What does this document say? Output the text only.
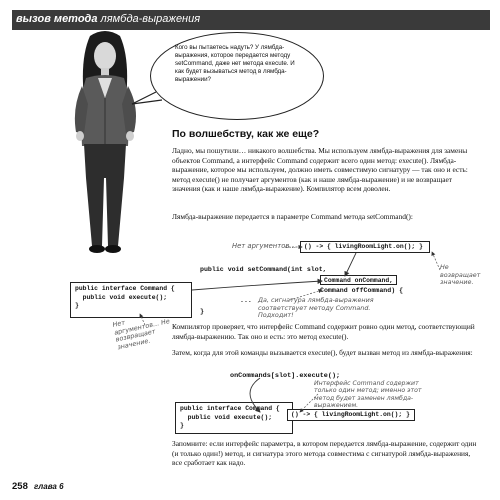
вызов метода лямбда-выражения
Кого вы пытаетесь надуть? У лямбда-выражения, которое передается методу setCommand, даже нет метода execute. И как будет вызываться метод в лямбда-выражении?
По волшебству, как же еще?

Ладно, мы пошутили… никакого волшебства. Мы используем лямбда-выражения для замены объектов Command, а интерфейс Command содержит всего один метод: execute(). Лямбда-выражение, которое мы используем, должно иметь совместимую сигнатуру — так оно и есть: метод execute() не получает аргументов (как и наше лямбда-выражение) и не возвращает значения (как и наше лямбда-выражение). Компилятор всем доволен.

Лямбда-выражение передается в параметре Command метода setCommand():

() -> { livingRoomLight.on(); }
Нет аргументов…
public void setCommand(int slot,
Command onCommand,
Command offCommand) {
...
}
Не возвращает значение.
Да, сигнатура лямбда-выражения соответствует методу Command. Подходит!
public interface Command {
public void execute();
}
Нет аргументов… Не возвращает значение.

Компилятор проверяет, что интерфейс Command содержит ровно один метод, соответствующий лямбда-выражению. Так оно и есть: это метод execute().

Затем, когда для этой команды вызывается execute(), будет вызван метод из лямбда-выражения:

onCommands[slot].execute();
Интерфейс Command содержит только один метод; именно этот метод будет заменен лямбда-выражением.
public interface Command {
public void execute();
}
() -> { livingRoomLight.on(); }

Запомните: если интерфейс параметра, в котором передается лямбда-выражение, содержит один (и только один!) метод, и сигнатура этого метода совместима с сигнатурой лямбда-выражения, все сработает как надо.

258 глава 6
